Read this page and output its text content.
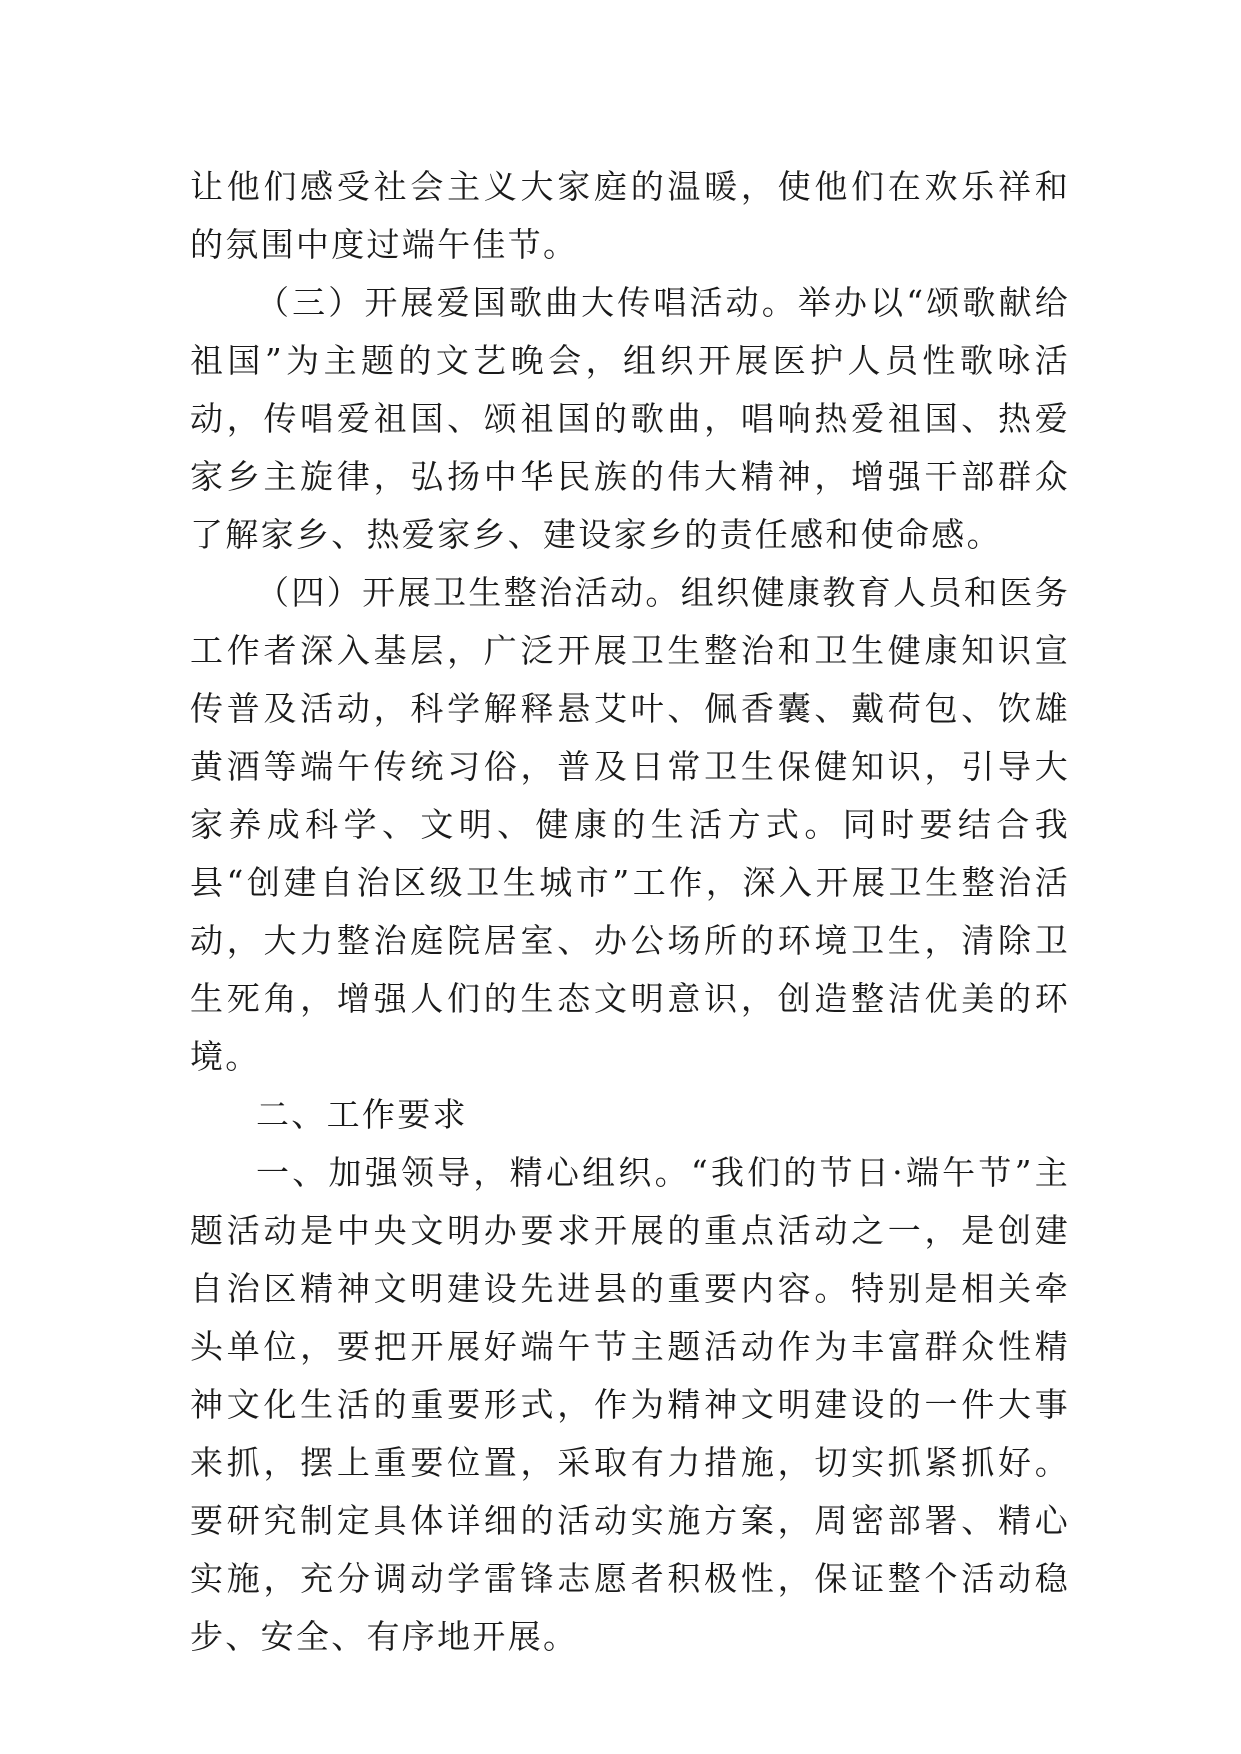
让他们感受社会主义大家庭的温暖，使他们在欢乐祥和的氛围中度过端午佳节。

（三）开展爱国歌曲大传唱活动。举办以“颂歌献给祖国”为主题的文艺晚会，组织开展医护人员性歌咏活动，传唱爱祖国、颂祖国的歌曲，唱响热爱祖国、热爱家乡主旋律，弘扬中华民族的伟大精神，增强干部群众了解家乡、热爱家乡、建设家乡的责任感和使命感。

（四）开展卫生整治活动。组织健康教育人员和医务工作者深入基层，广泛开展卫生整治和卫生健康知识宣传普及活动，科学解释悬艾叶、佩香囊、戴荷包、饮雄黄酒等端午传统习俗，普及日常卫生保健知识，引导大家养成科学、文明、健康的生活方式。同时要结合我县“创建自治区级卫生城市”工作，深入开展卫生整治活动，大力整治庭院居室、办公场所的环境卫生，清除卫生死角，增强人们的生态文明意识，创造整洁优美的环境。

二、工作要求

一、加强领导，精心组织。“我们的节日·端午节”主题活动是中央文明办要求开展的重点活动之一，是创建自治区精神文明建设先进县的重要内容。特别是相关牵头单位，要把开展好端午节主题活动作为丰富群众性精神文化生活的重要形式，作为精神文明建设的一件大事来抓，摆上重要位置，采取有力措施，切实抓紧抓好。要研究制定具体详细的活动实施方案，周密部署、精心实施，充分调动学雷锋志愿者积极性，保证整个活动稳步、安全、有序地开展。
